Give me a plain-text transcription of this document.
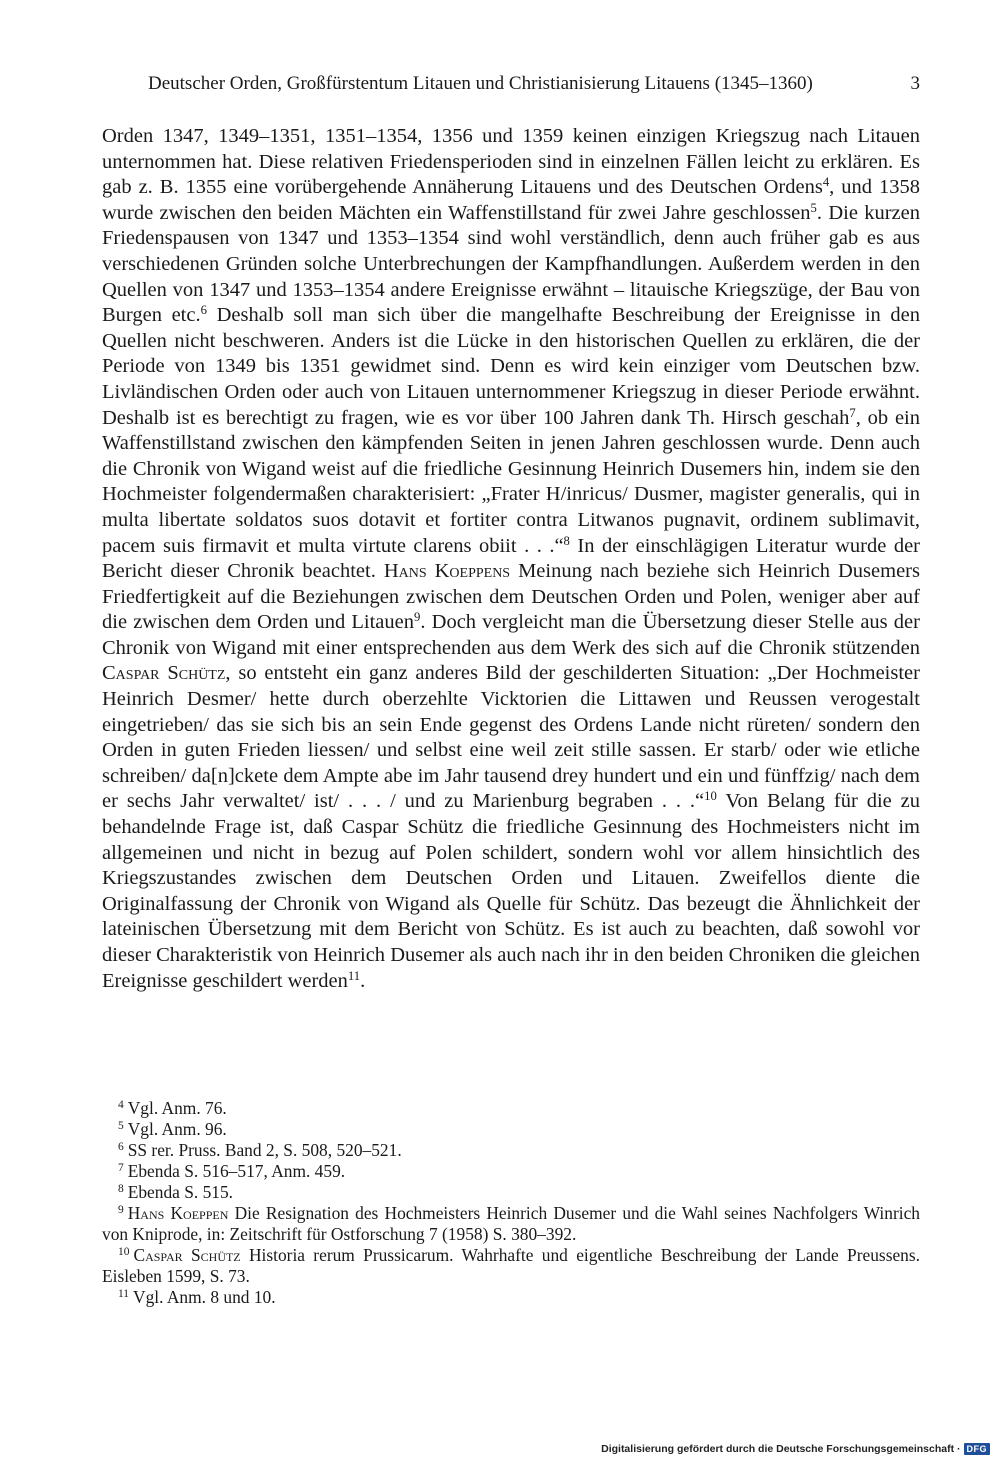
Deutscher Orden, Großfürstentum Litauen und Christianisierung Litauens (1345–1360)	3

Orden 1347, 1349–1351, 1351–1354, 1356 und 1359 keinen einzigen Kriegszug nach Litauen unternommen hat. Diese relativen Friedensperioden sind in einzelnen Fällen leicht zu erklären. Es gab z. B. 1355 eine vorübergehende Annäherung Litauens und des Deutschen Ordens$^4$, und 1358 wurde zwischen den beiden Mächten ein Waffenstillstand für zwei Jahre geschlossen$^5$. Die kurzen Friedenspausen von 1347 und 1353–1354 sind wohl verständlich, denn auch früher gab es aus verschiedenen Gründen solche Unterbrechungen der Kampfhandlungen. Außerdem werden in den Quellen von 1347 und 1353–1354 andere Ereignisse erwähnt – litauische Kriegszüge, der Bau von Burgen etc.$^6$ Deshalb soll man sich über die mangelhafte Beschreibung der Ereignisse in den Quellen nicht beschweren. Anders ist die Lücke in den historischen Quellen zu erklären, die der Periode von 1349 bis 1351 gewidmet sind. Denn es wird kein einziger vom Deutschen bzw. Livländischen Orden oder auch von Litauen unternommener Kriegszug in dieser Periode erwähnt. Deshalb ist es berechtigt zu fragen, wie es vor über 100 Jahren dank Th. Hirsch geschah$^7$, ob ein Waffenstillstand zwischen den kämpfenden Seiten in jenen Jahren geschlossen wurde. Denn auch die Chronik von Wigand weist auf die friedliche Gesinnung Heinrich Dusemers hin, indem sie den Hochmeister folgendermaßen charakterisiert: „Frater H/inricus/ Dusmer, magister generalis, qui in multa libertate soldatos suos dotavit et fortiter contra Litwanos pugnavit, ordinem sublimavit, pacem suis firmavit et multa virtute clarens obiit . . .“$^8$ In der einschlägigen Literatur wurde der Bericht dieser Chronik beachtet. Hans Koeppens Meinung nach beziehe sich Heinrich Dusemers Friedfertigkeit auf die Beziehungen zwischen dem Deutschen Orden und Polen, weniger aber auf die zwischen dem Orden und Litauen$^9$. Doch vergleicht man die Übersetzung dieser Stelle aus der Chronik von Wigand mit einer entsprechenden aus dem Werk des sich auf die Chronik stützenden Caspar Schütz, so entsteht ein ganz anderes Bild der geschilderten Situation: „Der Hochmeister Heinrich Desmer/ hette durch oberzehlte Vicktorien die Littawen und Reussen verogestalt eingetrieben/ das sie sich bis an sein Ende gegenst des Ordens Lande nicht rüreten/ sondern den Orden in guten Frieden liessen/ und selbst eine weil zeit stille sassen. Er starb/ oder wie etliche schreiben/ da[n]ckete dem Ampte abe im Jahr tausend drey hundert und ein und fünffzig/ nach dem er sechs Jahr verwaltet/ ist/ . . . / und zu Marienburg begraben . . .“$^{10}$ Von Belang für die zu behandelnde Frage ist, daß Caspar Schütz die friedliche Gesinnung des Hochmeisters nicht im allgemeinen und nicht in bezug auf Polen schildert, sondern wohl vor allem hinsichtlich des Kriegszustandes zwischen dem Deutschen Orden und Litauen. Zweifellos diente die Originalfassung der Chronik von Wigand als Quelle für Schütz. Das bezeugt die Ähnlichkeit der lateinischen Übersetzung mit dem Bericht von Schütz. Es ist auch zu beachten, daß sowohl vor dieser Charakteristik von Heinrich Dusemer als auch nach ihr in den beiden Chroniken die gleichen Ereignisse geschildert werden$^{11}$.

$^4$ Vgl. Anm. 76.
$^5$ Vgl. Anm. 96.
$^6$ SS rer. Pruss. Band 2, S. 508, 520–521.
$^7$ Ebenda S. 516–517, Anm. 459.
$^8$ Ebenda S. 515.
$^9$ Hans Koeppen Die Resignation des Hochmeisters Heinrich Dusemer und die Wahl seines Nachfolgers Winrich von Kniprode, in: Zeitschrift für Ostforschung 7 (1958) S. 380–392.
$^{10}$ Caspar Schütz Historia rerum Prussicarum. Wahrhafte und eigentliche Beschreibung der Lande Preussens. Eisleben 1599, S. 73.
$^{11}$ Vgl. Anm. 8 und 10.
Digitalisierung gefördert durch die Deutsche Forschungsgemeinschaft · DFG
